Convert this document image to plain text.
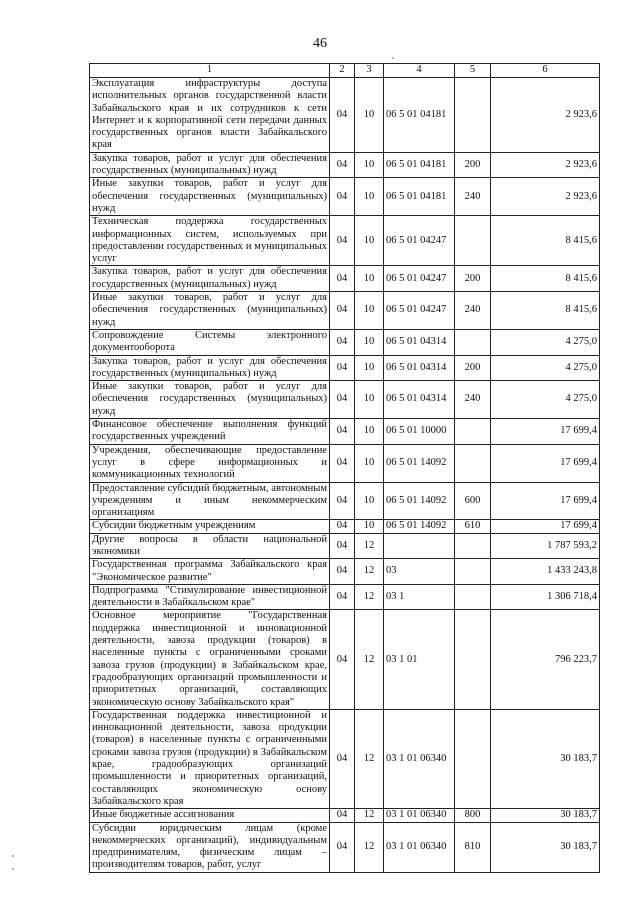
46
1	2	3	4	5	6
Эксплуатация инфраструктуры доступа исполнительных органов государственной власти Забайкальского края и их сотрудников к сети Интернет и к корпоративной сети передачи данных государственных органов власти Забайкальского края	04	10	06 5 01 04181		2 923,6
Закупка товаров, работ и услуг для обеспечения государственных (муниципальных) нужд	04	10	06 5 01 04181	200	2 923,6
Иные закупки товаров, работ и услуг для обеспечения государственных (муниципальных) нужд	04	10	06 5 01 04181	240	2 923,6
Техническая поддержка государственных информационных систем, используемых при предоставлении государственных и муниципальных услуг	04	10	06 5 01 04247		8 415,6
Закупка товаров, работ и услуг для обеспечения государственных (муниципальных) нужд	04	10	06 5 01 04247	200	8 415,6
Иные закупки товаров, работ и услуг для обеспечения государственных (муниципальных) нужд	04	10	06 5 01 04247	240	8 415,6
Сопровождение Системы электронного документооборота	04	10	06 5 01 04314		4 275,0
Закупка товаров, работ и услуг для обеспечения государственных (муниципальных) нужд	04	10	06 5 01 04314	200	4 275,0
Иные закупки товаров, работ и услуг для обеспечения государственных (муниципальных) нужд	04	10	06 5 01 04314	240	4 275,0
Финансовое обеспечение выполнения функций государственных учреждений	04	10	06 5 01 10000		17 699,4
Учреждения, обеспечивающие предоставление услуг в сфере информационных и коммуникационных технологий	04	10	06 5 01 14092		17 699,4
Предоставление субсидий бюджетным, автономным учреждениям и иным некоммерческим организациям	04	10	06 5 01 14092	600	17 699,4
Субсидии бюджетным учреждениям	04	10	06 5 01 14092	610	17 699,4
Другие вопросы в области национальной экономики	04	12			1 787 593,2
Государственная программа Забайкальского края "Экономическое развитие"	04	12	03		1 433 243,8
Подпрограмма "Стимулирование инвестиционной деятельности в Забайкальском крае"	04	12	03 1		1 306 718,4
Основное мероприятие "Государственная поддержка инвестиционной и инновационной деятельности, завоза продукции (товаров) в населенные пункты с ограниченными сроками завоза грузов (продукции) в Забайкальском крае, градообразующих организаций промышленности и приоритетных организаций, составляющих экономическую основу Забайкальского края"	04	12	03 1 01		796 223,7
Государственная поддержка инвестиционной и инновационной деятельности, завоза продукции (товаров) в населенные пункты с ограниченными сроками завоза грузов (продукции) в Забайкальском крае, градообразующих организаций промышленности и приоритетных организаций, составляющих экономическую основу Забайкальского края	04	12	03 1 01 06340		30 183,7
Иные бюджетные ассигнования	04	12	03 1 01 06340	800	30 183,7
Субсидии юридическим лицам (кроме некоммерческих организаций), индивидуальным предпринимателям, физическим лицам – производителям товаров, работ, услуг	04	12	03 1 01 06340	810	30 183,7
